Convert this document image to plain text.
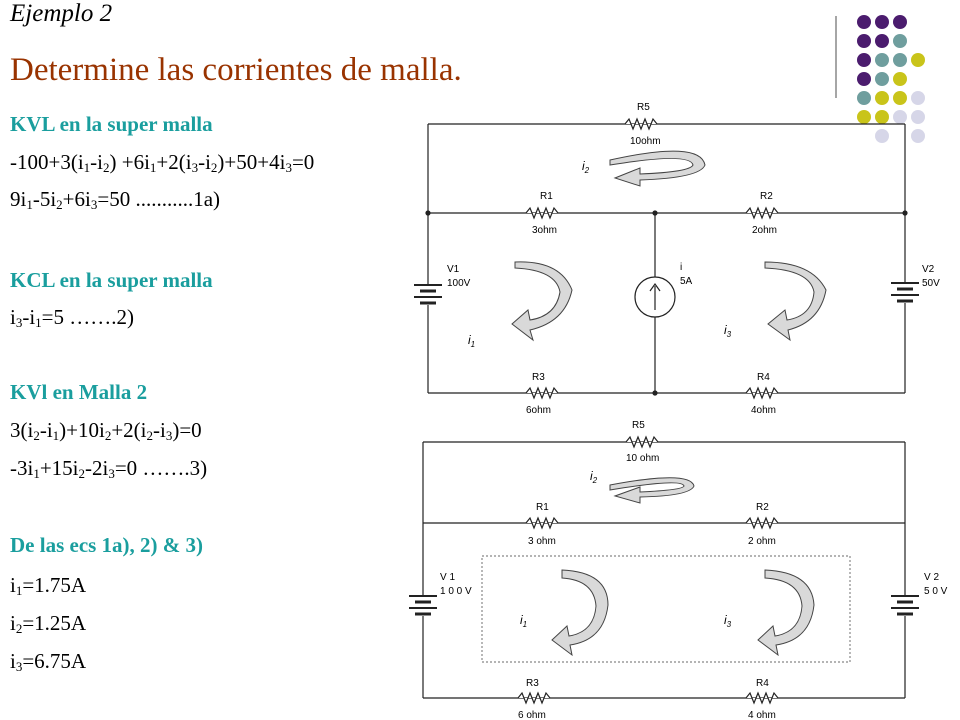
Ejemplo 2
Determine las corrientes de malla.
KVL en la super malla
$-100+3(i_1-i_2) +6i_1+2(i_3-i_2)+50+4i_3=0$
$9i_1-5i_2+6i_3=50$ ...........1a)
KCL en la super malla
$i_3-i_1=5$ …….2)
KVl en Malla 2
$3(i_2-i_1)+10i_2+2(i_2-i_3)=0$
$-3i_1+15i_2-2i_3=0$ …….3)
De las ecs 1a), 2) & 3)
$i_1=1.75A$
$i_2=1.25A$
$i_3=6.75A$
R5
10ohm
R1
3ohm
R2
2ohm
R3
6ohm
R4
4ohm
V1
100V
V2
50V
i
5A
$i_2$
$i_1$
$i_3$
R5
10 ohm
R1
3 ohm
R2
2 ohm
R3
6 ohm
R4
4 ohm
V 1
1 0 0 V
V 2
5 0 V
$i_2$
$i_1$	$i_3$
